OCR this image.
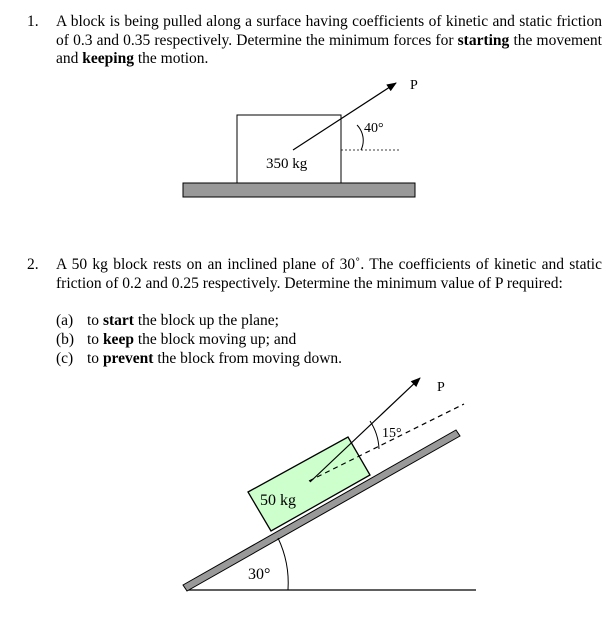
1. A block is being pulled along a surface having coefficients of kinetic and static friction of 0.3 and 0.35 respectively. Determine the minimum forces for starting the movement and keeping the motion.
2. A 50 kg block rests on an inclined plane of 30˚. The coefficients of kinetic and static friction of 0.2 and 0.25 respectively. Determine the minimum value of P required:
(a) to start the block up the plane;
(b) to keep the block moving up; and
(c) to prevent the block from moving down.
40°
P
350 kg
30°
50 kg
15°
P
